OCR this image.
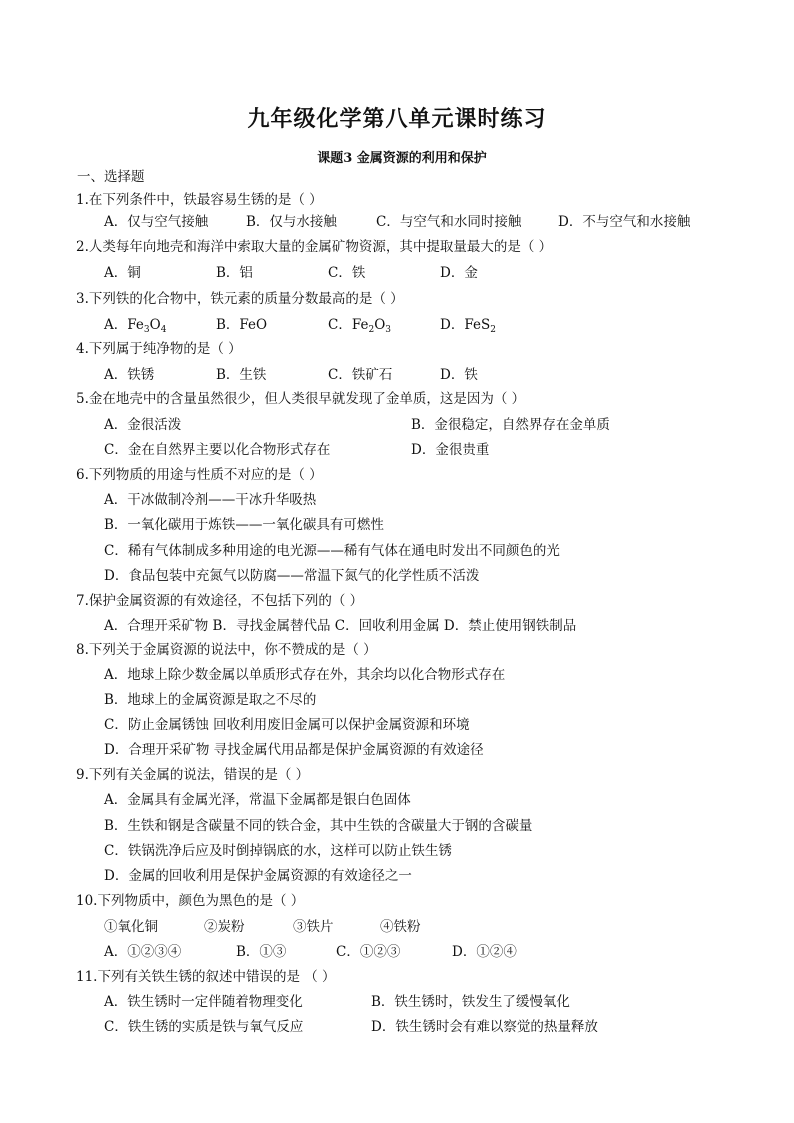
九年级化学第八单元课时练习
课题3 金属资源的利用和保护
一、选择题
1.在下列条件中，铁最容易生锈的是（ ）
A．仅与空气接触	B．仅与水接触	C．与空气和水同时接触	D．不与空气和水接触
2.人类每年向地壳和海洋中索取大量的金属矿物资源，其中提取量最大的是（ ）
A．铜	B．铝	C．铁	D．金
3.下列铁的化合物中，铁元素的质量分数最高的是（ ）
A．$Fe_3O_4$	B．FeO	C．$Fe_2O_3$	D．FeS$_2$
4.下列属于纯净物的是（ ）
A．铁锈	B．生铁	C．铁矿石	D．铁
5.金在地壳中的含量虽然很少，但人类很早就发现了金单质，这是因为（ ）
A．金很活泼	B．金很稳定，自然界存在金单质
C．金在自然界主要以化合物形式存在	D．金很贵重
6.下列物质的用途与性质不对应的是（ ）
A．干冰做制冷剂——干冰升华吸热
B．一氧化碳用于炼铁——一氧化碳具有可燃性
C．稀有气体制成多种用途的电光源——稀有气体在通电时发出不同颜色的光
D．食品包装中充氮气以防腐——常温下氮气的化学性质不活泼
7.保护金属资源的有效途径，不包括下列的（ ）
A．合理开采矿物 B．寻找金属替代品 C．回收利用金属 D．禁止使用钢铁制品
8.下列关于金属资源的说法中，你不赞成的是（ ）
A．地球上除少数金属以单质形式存在外，其余均以化合物形式存在
B．地球上的金属资源是取之不尽的
C．防止金属锈蚀 回收利用废旧金属可以保护金属资源和环境
D．合理开采矿物 寻找金属代用品都是保护金属资源的有效途径
9.下列有关金属的说法，错误的是（ ）
A．金属具有金属光泽，常温下金属都是银白色固体
B．生铁和钢是含碳量不同的铁合金，其中生铁的含碳量大于钢的含碳量
C．铁锅洗净后应及时倒掉锅底的水，这样可以防止铁生锈
D．金属的回收利用是保护金属资源的有效途径之一
10.下列物质中，颜色为黑色的是（ ）
①氧化铜	②炭粉	③铁片	④铁粉
A．①②③④	B．①③	C．①②③	D．①②④
11.下列有关铁生锈的叙述中错误的是 （ ）
A．铁生锈时一定伴随着物理变化	B．铁生锈时，铁发生了缓慢氧化
C．铁生锈的实质是铁与氧气反应	D．铁生锈时会有难以察觉的热量释放
